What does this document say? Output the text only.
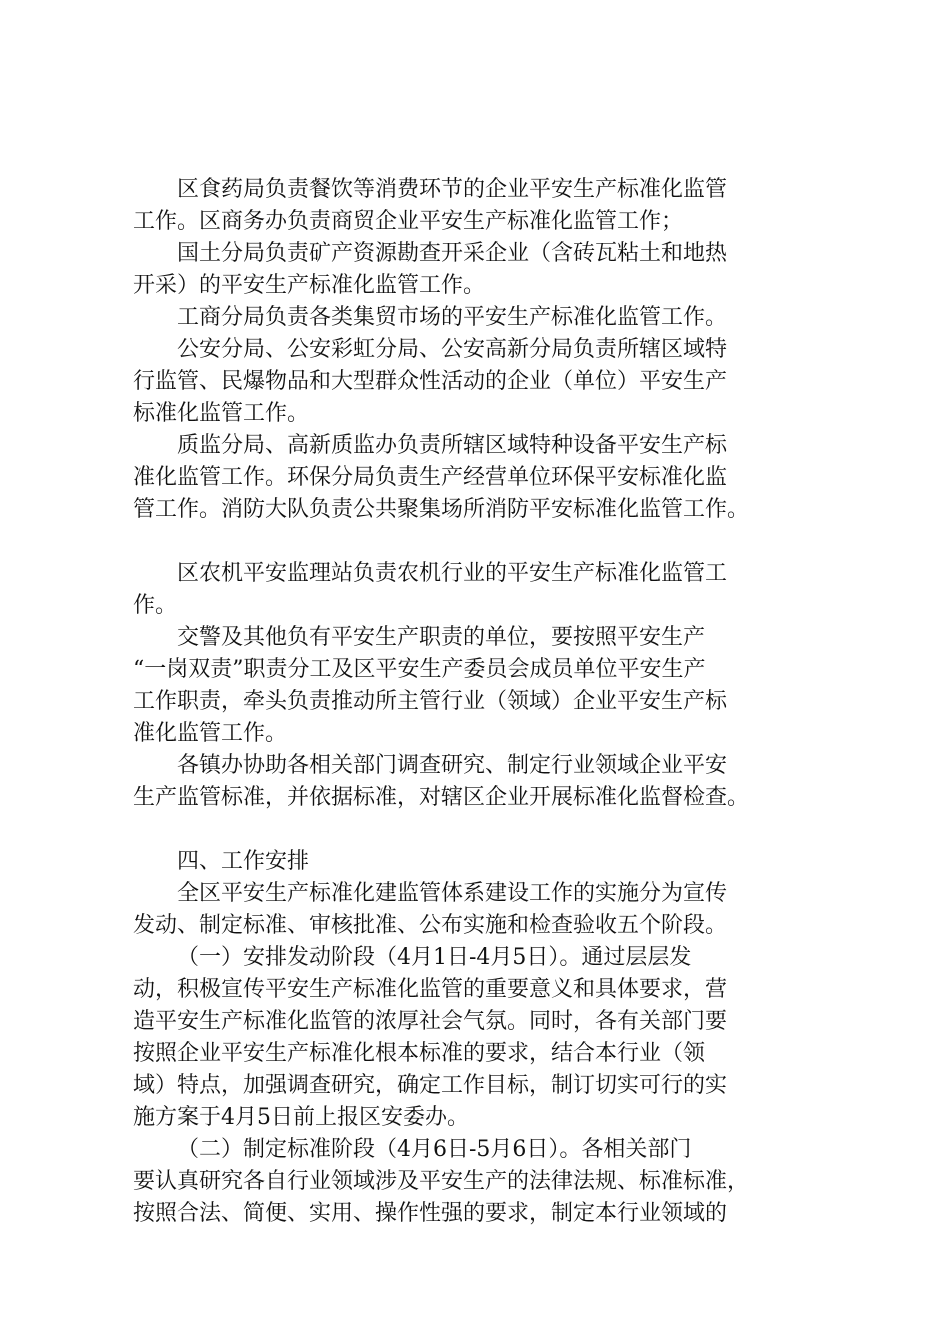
区食药局负责餐饮等消费环节的企业平安生产标准化监管
工作。区商务办负责商贸企业平安生产标准化监管工作；
国土分局负责矿产资源勘查开采企业（含砖瓦粘土和地热
开采）的平安生产标准化监管工作。
工商分局负责各类集贸市场的平安生产标准化监管工作。
公安分局、公安彩虹分局、公安高新分局负责所辖区域特
行监管、民爆物品和大型群众性活动的企业（单位）平安生产
标准化监管工作。
质监分局、高新质监办负责所辖区域特种设备平安生产标
准化监管工作。环保分局负责生产经营单位环保平安标准化监
管工作。消防大队负责公共聚集场所消防平安标准化监管工作。
区农机平安监理站负责农机行业的平安生产标准化监管工
作。
交警及其他负有平安生产职责的单位，要按照平安生产
“一岗双责”职责分工及区平安生产委员会成员单位平安生产
工作职责，牵头负责推动所主管行业（领域）企业平安生产标
准化监管工作。
各镇办协助各相关部门调查研究、制定行业领域企业平安
生产监管标准，并依据标准，对辖区企业开展标准化监督检查。
四、工作安排
全区平安生产标准化建监管体系建设工作的实施分为宣传
发动、制定标准、审核批准、公布实施和检查验收五个阶段。
（一）安排发动阶段（4月1日-4月5日）。通过层层发
动，积极宣传平安生产标准化监管的重要意义和具体要求，营
造平安生产标准化监管的浓厚社会气氛。同时，各有关部门要
按照企业平安生产标准化根本标准的要求，结合本行业（领
域）特点，加强调查研究，确定工作目标，制订切实可行的实
施方案于4月5日前上报区安委办。
（二）制定标准阶段（4月6日-5月6日）。各相关部门
要认真研究各自行业领域涉及平安生产的法律法规、标准标准，
按照合法、简便、实用、操作性强的要求，制定本行业领域的
